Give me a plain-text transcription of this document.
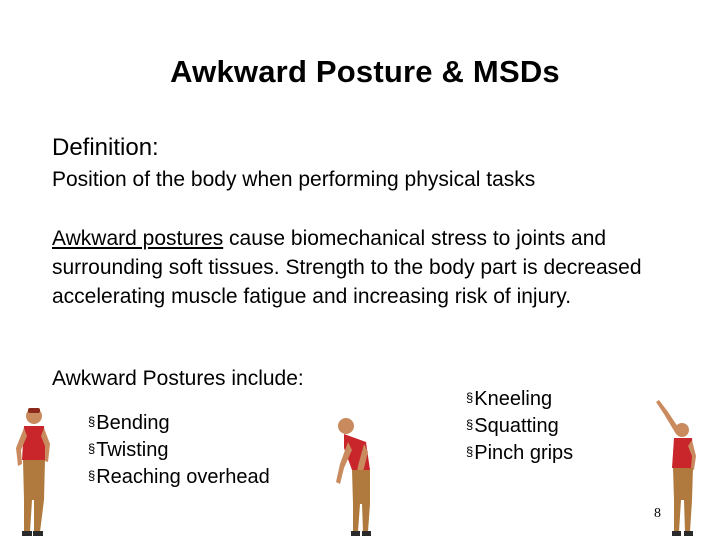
Awkward Posture & MSDs
Definition:
Position of the body when performing physical tasks
Awkward postures cause biomechanical stress to joints and surrounding soft tissues. Strength to the body part is decreased accelerating muscle fatigue and increasing risk of injury.
Awkward Postures include:
§Bending
§Twisting
§Reaching overhead
§Kneeling
§Squatting
§Pinch grips
8
